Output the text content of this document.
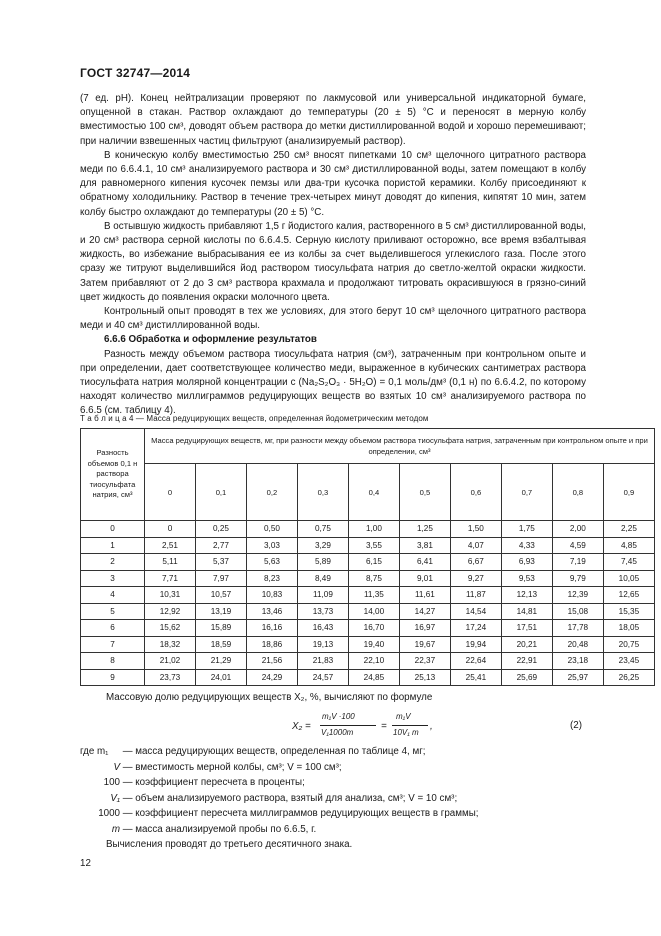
ГОСТ 32747—2014

(7 ед. pH). Конец нейтрализации проверяют по лакмусовой или универсальной индикаторной бумаге, опущенной в стакан. Раствор охлаждают до температуры (20 ± 5) °С и переносят в мерную колбу вместимостью 100 см³, доводят объем раствора до метки дистиллированной водой и хорошо перемешивают; при наличии взвешенных частиц фильтруют (анализируемый раствор).

В коническую колбу вместимостью 250 см³ вносят пипетками 10 см³ щелочного цитратного раствора меди по 6.6.4.1, 10 см³ анализируемого раствора и 30 см³ дистиллированной воды, затем помещают в колбу для равномерного кипения кусочек пемзы или два-три кусочка пористой керамики. Колбу присоединяют к обратному холодильнику. Раствор в течение трех-четырех минут доводят до кипения, кипятят 10 мин, затем колбу быстро охлаждают до температуры (20 ± 5) °С.

В остывшую жидкость прибавляют 1,5 г йодистого калия, растворенного в 5 см³ дистиллированной воды, и 20 см³ раствора серной кислоты по 6.6.4.5. Серную кислоту приливают осторожно, все время взбалтывая жидкость, во избежание выбрасывания ее из колбы за счет выделившегося углекислого газа. После этого сразу же титруют выделившийся йод раствором тиосульфата натрия до светло-желтой окраски жидкости. Затем прибавляют от 2 до 3 см³ раствора крахмала и продолжают титровать окрасившуюся в грязно-синий цвет жидкость до появления окраски молочного цвета.

Контрольный опыт проводят в тех же условиях, для этого берут 10 см³ щелочного цитратного раствора меди и 40 см³ дистиллированной воды.

6.6.6 Обработка и оформление результатов

Разность между объемом раствора тиосульфата натрия (см³), затраченным при контрольном опыте и при определении, дает соответствующее количество меди, выраженное в кубических сантиметрах раствора тиосульфата натрия молярной концентрации c (Na₂S₂O₃ · 5H₂O) = 0,1 моль/дм³ (0,1 н) по 6.6.4.2, по которому находят количество миллиграммов редуцирующих веществ во взятых 10 см³ анализируемого раствора по 6.6.5 (см. таблицу 4).

Т а б л и ц а 4 — Масса редуцирующих веществ, определенная йодометрическим методом
Разность объемов 0,1 н раствора тиосульфата натрия, см³	Масса редуцирующих веществ, мг, при разности между объемом раствора тиосульфата натрия, затраченным при контрольном опыте и при определении, см³									
	0	0,1	0,2	0,3	0,4	0,5	0,6	0,7	0,8	0,9
0	0	0,25	0,50	0,75	1,00	1,25	1,50	1,75	2,00	2,25
1	2,51	2,77	3,03	3,29	3,55	3,81	4,07	4,33	4,59	4,85
2	5,11	5,37	5,63	5,89	6,15	6,41	6,67	6,93	7,19	7,45
3	7,71	7,97	8,23	8,49	8,75	9,01	9,27	9,53	9,79	10,05
4	10,31	10,57	10,83	11,09	11,35	11,61	11,87	12,13	12,39	12,65
5	12,92	13,19	13,46	13,73	14,00	14,27	14,54	14,81	15,08	15,35
6	15,62	15,89	16,16	16,43	16,70	16,97	17,24	17,51	17,78	18,05
7	18,32	18,59	18,86	19,13	19,40	19,67	19,94	20,21	20,48	20,75
8	21,02	21,29	21,56	21,83	22,10	22,37	22,64	22,91	23,18	23,45
9	23,73	24,01	24,29	24,57	24,85	25,13	25,41	25,69	25,97	26,25
Массовую долю редуцирующих веществ X₂, %, вычисляют по формуле
X₂ =
m₁V ·100
V₁1000m
=
m₁V
10V₁ m
,	(2)
где m₁ — масса редуцирующих веществ, определенная по таблице 4, мг;
V — вместимость мерной колбы, см³; V = 100 см³;
100 — коэффициент пересчета в проценты;
V₁ — объем анализируемого раствора, взятый для анализа, см³; V = 10 см³;
1000 — коэффициент пересчета миллиграммов редуцирующих веществ в граммы;
m — масса анализируемой пробы по 6.6.5, г.
Вычисления проводят до третьего десятичного знака.
12
